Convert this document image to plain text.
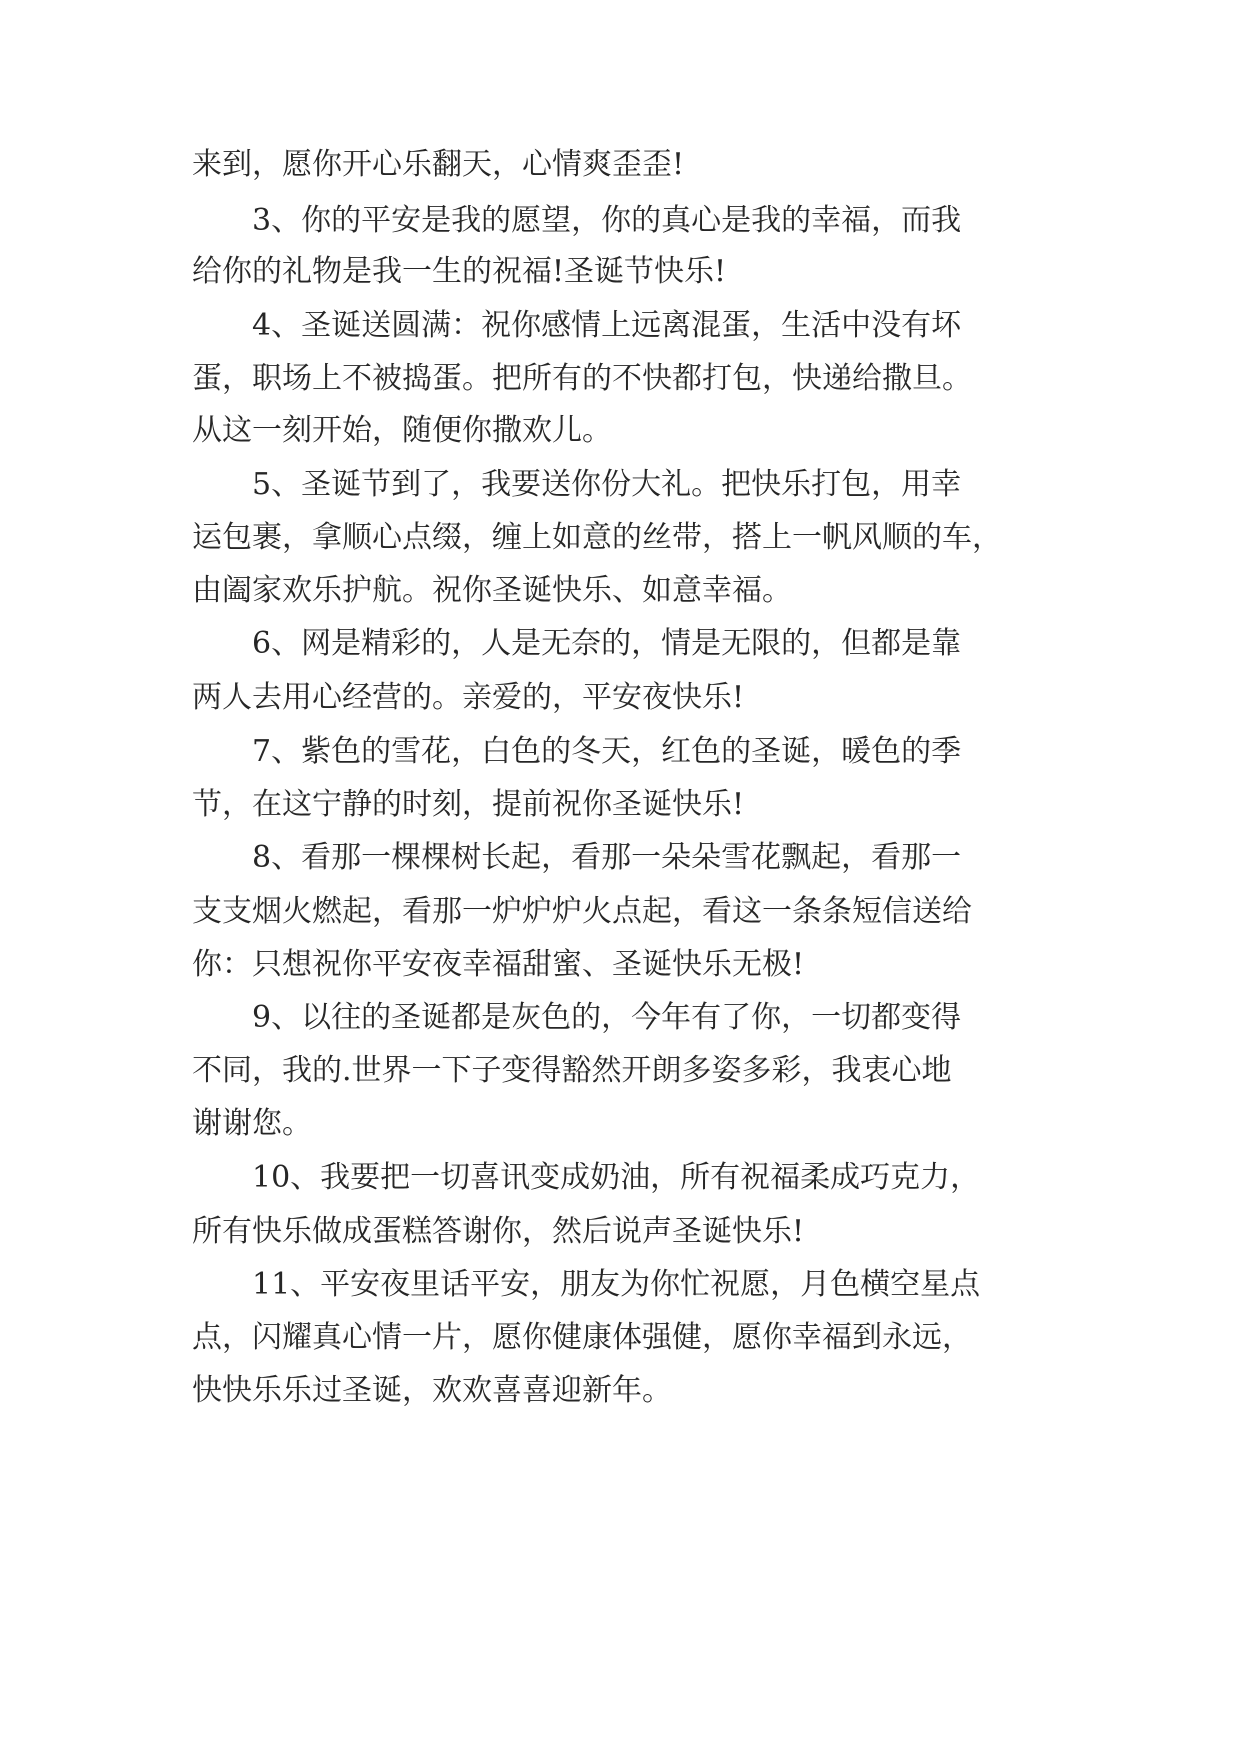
来到，愿你开心乐翻天，心情爽歪歪!
3、你的平安是我的愿望，你的真心是我的幸福，而我
给你的礼物是我一生的祝福!圣诞节快乐!
4、圣诞送圆满：祝你感情上远离混蛋，生活中没有坏
蛋，职场上不被捣蛋。把所有的不快都打包，快递给撒旦。
从这一刻开始，随便你撒欢儿。
5、圣诞节到了，我要送你份大礼。把快乐打包，用幸
运包裹，拿顺心点缀，缠上如意的丝带，搭上一帆风顺的车，
由阖家欢乐护航。祝你圣诞快乐、如意幸福。
6、网是精彩的，人是无奈的，情是无限的，但都是靠
两人去用心经营的。亲爱的，平安夜快乐!
7、紫色的雪花，白色的冬天，红色的圣诞，暖色的季
节，在这宁静的时刻，提前祝你圣诞快乐!
8、看那一棵棵树长起，看那一朵朵雪花飘起，看那一
支支烟火燃起，看那一炉炉炉火点起，看这一条条短信送给
你：只想祝你平安夜幸福甜蜜、圣诞快乐无极!
9、以往的圣诞都是灰色的，今年有了你，一切都变得
不同，我的.世界一下子变得豁然开朗多姿多彩，我衷心地
谢谢您。
10、我要把一切喜讯变成奶油，所有祝福柔成巧克力，
所有快乐做成蛋糕答谢你，然后说声圣诞快乐!
11、平安夜里话平安，朋友为你忙祝愿，月色横空星点
点，闪耀真心情一片，愿你健康体强健，愿你幸福到永远，
快快乐乐过圣诞，欢欢喜喜迎新年。
